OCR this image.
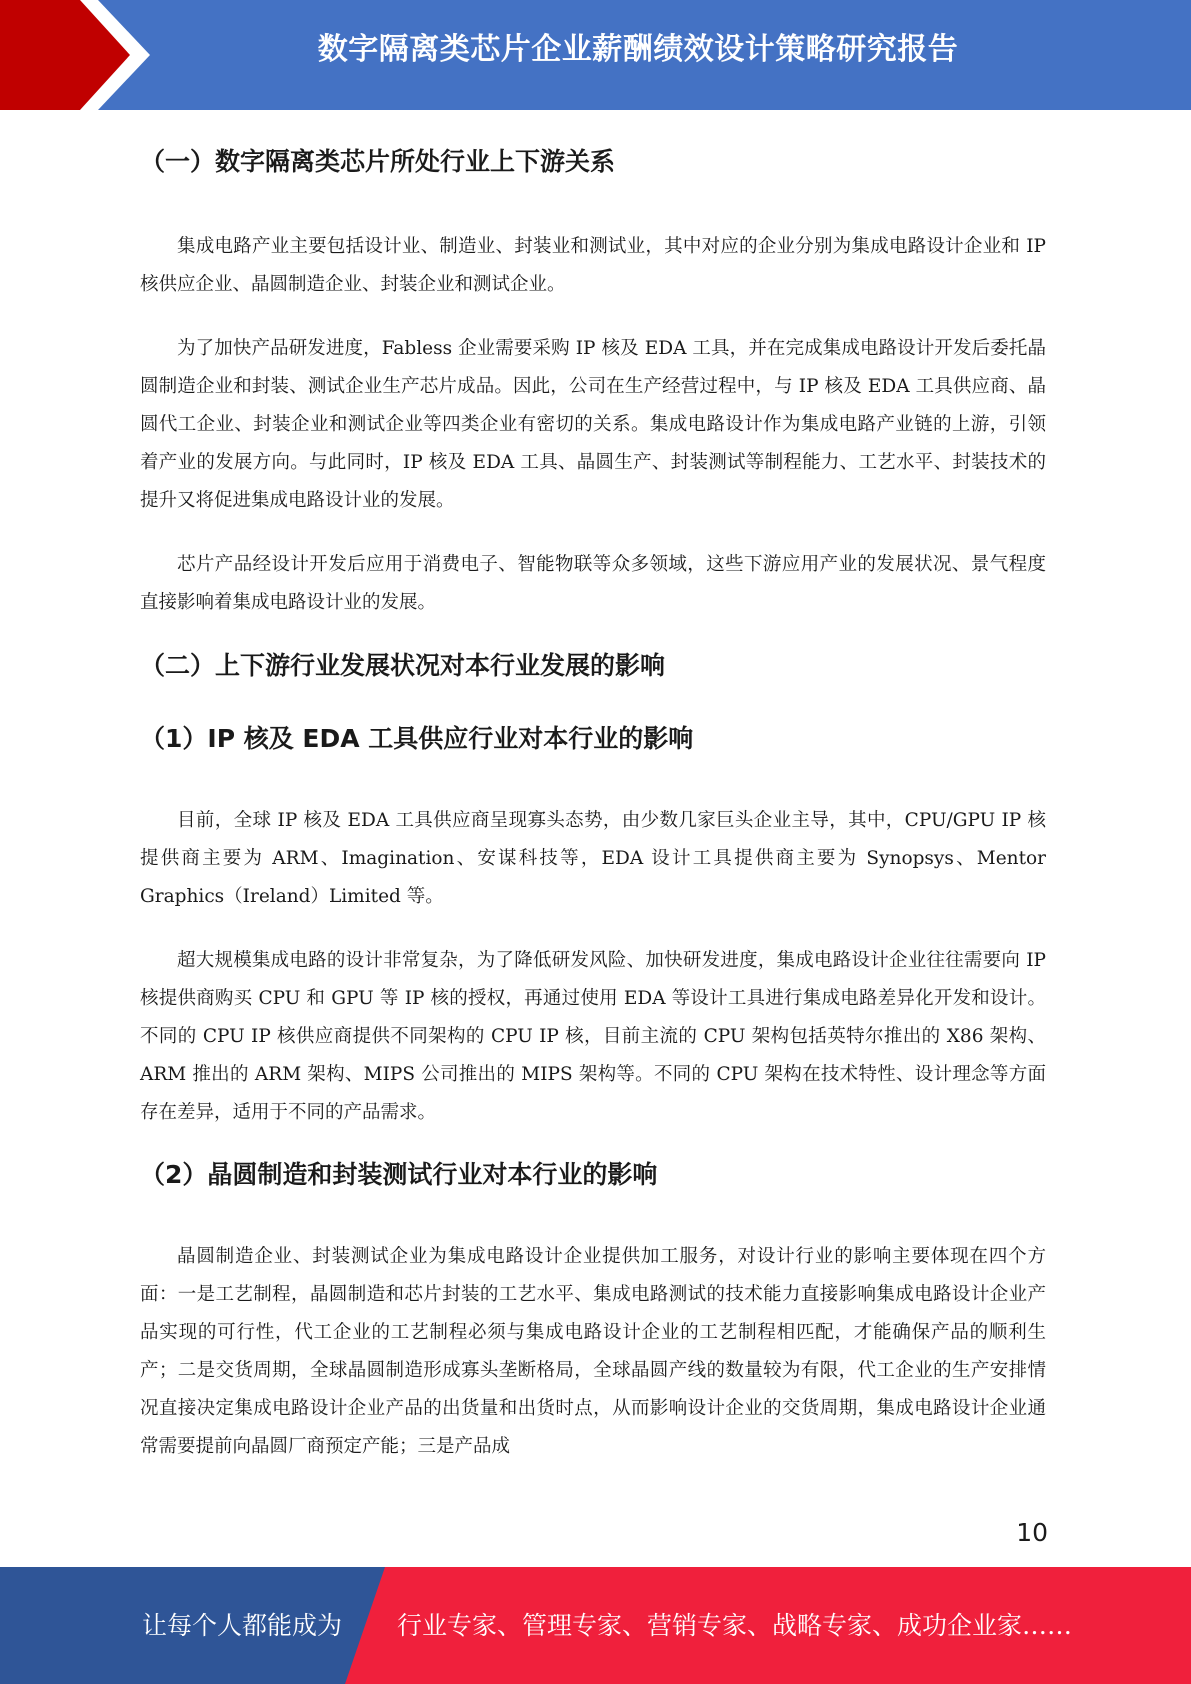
数字隔离类芯片企业薪酬绩效设计策略研究报告
（一）数字隔离类芯片所处行业上下游关系

集成电路产业主要包括设计业、制造业、封装业和测试业，其中对应的企业分别为集成电路设计企业和 IP 核供应企业、晶圆制造企业、封装企业和测试企业。

为了加快产品研发进度，Fabless 企业需要采购 IP 核及 EDA 工具，并在完成集成电路设计开发后委托晶圆制造企业和封装、测试企业生产芯片成品。因此，公司在生产经营过程中，与 IP 核及 EDA 工具供应商、晶圆代工企业、封装企业和测试企业等四类企业有密切的关系。集成电路设计作为集成电路产业链的上游，引领着产业的发展方向。与此同时，IP 核及 EDA 工具、晶圆生产、封装测试等制程能力、工艺水平、封装技术的提升又将促进集成电路设计业的发展。

芯片产品经设计开发后应用于消费电子、智能物联等众多领域，这些下游应用产业的发展状况、景气程度直接影响着集成电路设计业的发展。

（二）上下游行业发展状况对本行业发展的影响
（1）IP 核及 EDA 工具供应行业对本行业的影响

目前，全球 IP 核及 EDA 工具供应商呈现寡头态势，由少数几家巨头企业主导，其中，CPU/GPU IP 核提供商主要为 ARM、Imagination、安谋科技等，EDA 设计工具提供商主要为 Synopsys、Mentor Graphics（Ireland）Limited 等。

超大规模集成电路的设计非常复杂，为了降低研发风险、加快研发进度，集成电路设计企业往往需要向 IP 核提供商购买 CPU 和 GPU 等 IP 核的授权，再通过使用 EDA 等设计工具进行集成电路差异化开发和设计。不同的 CPU IP 核供应商提供不同架构的 CPU IP 核，目前主流的 CPU 架构包括英特尔推出的 X86 架构、ARM 推出的 ARM 架构、MIPS 公司推出的 MIPS 架构等。不同的 CPU 架构在技术特性、设计理念等方面存在差异，适用于不同的产品需求。

（2）晶圆制造和封装测试行业对本行业的影响

晶圆制造企业、封装测试企业为集成电路设计企业提供加工服务，对设计行业的影响主要体现在四个方面：一是工艺制程，晶圆制造和芯片封装的工艺水平、集成电路测试的技术能力直接影响集成电路设计企业产品实现的可行性，代工企业的工艺制程必须与集成电路设计企业的工艺制程相匹配，才能确保产品的顺利生产；二是交货周期，全球晶圆制造形成寡头垄断格局，全球晶圆产线的数量较为有限，代工企业的生产安排情况直接决定集成电路设计企业产品的出货量和出货时点，从而影响设计企业的交货周期，集成电路设计企业通常需要提前向晶圆厂商预定产能；三是产品成

10
让每个人都能成为 行业专家、管理专家、营销专家、战略专家、成功企业家……
